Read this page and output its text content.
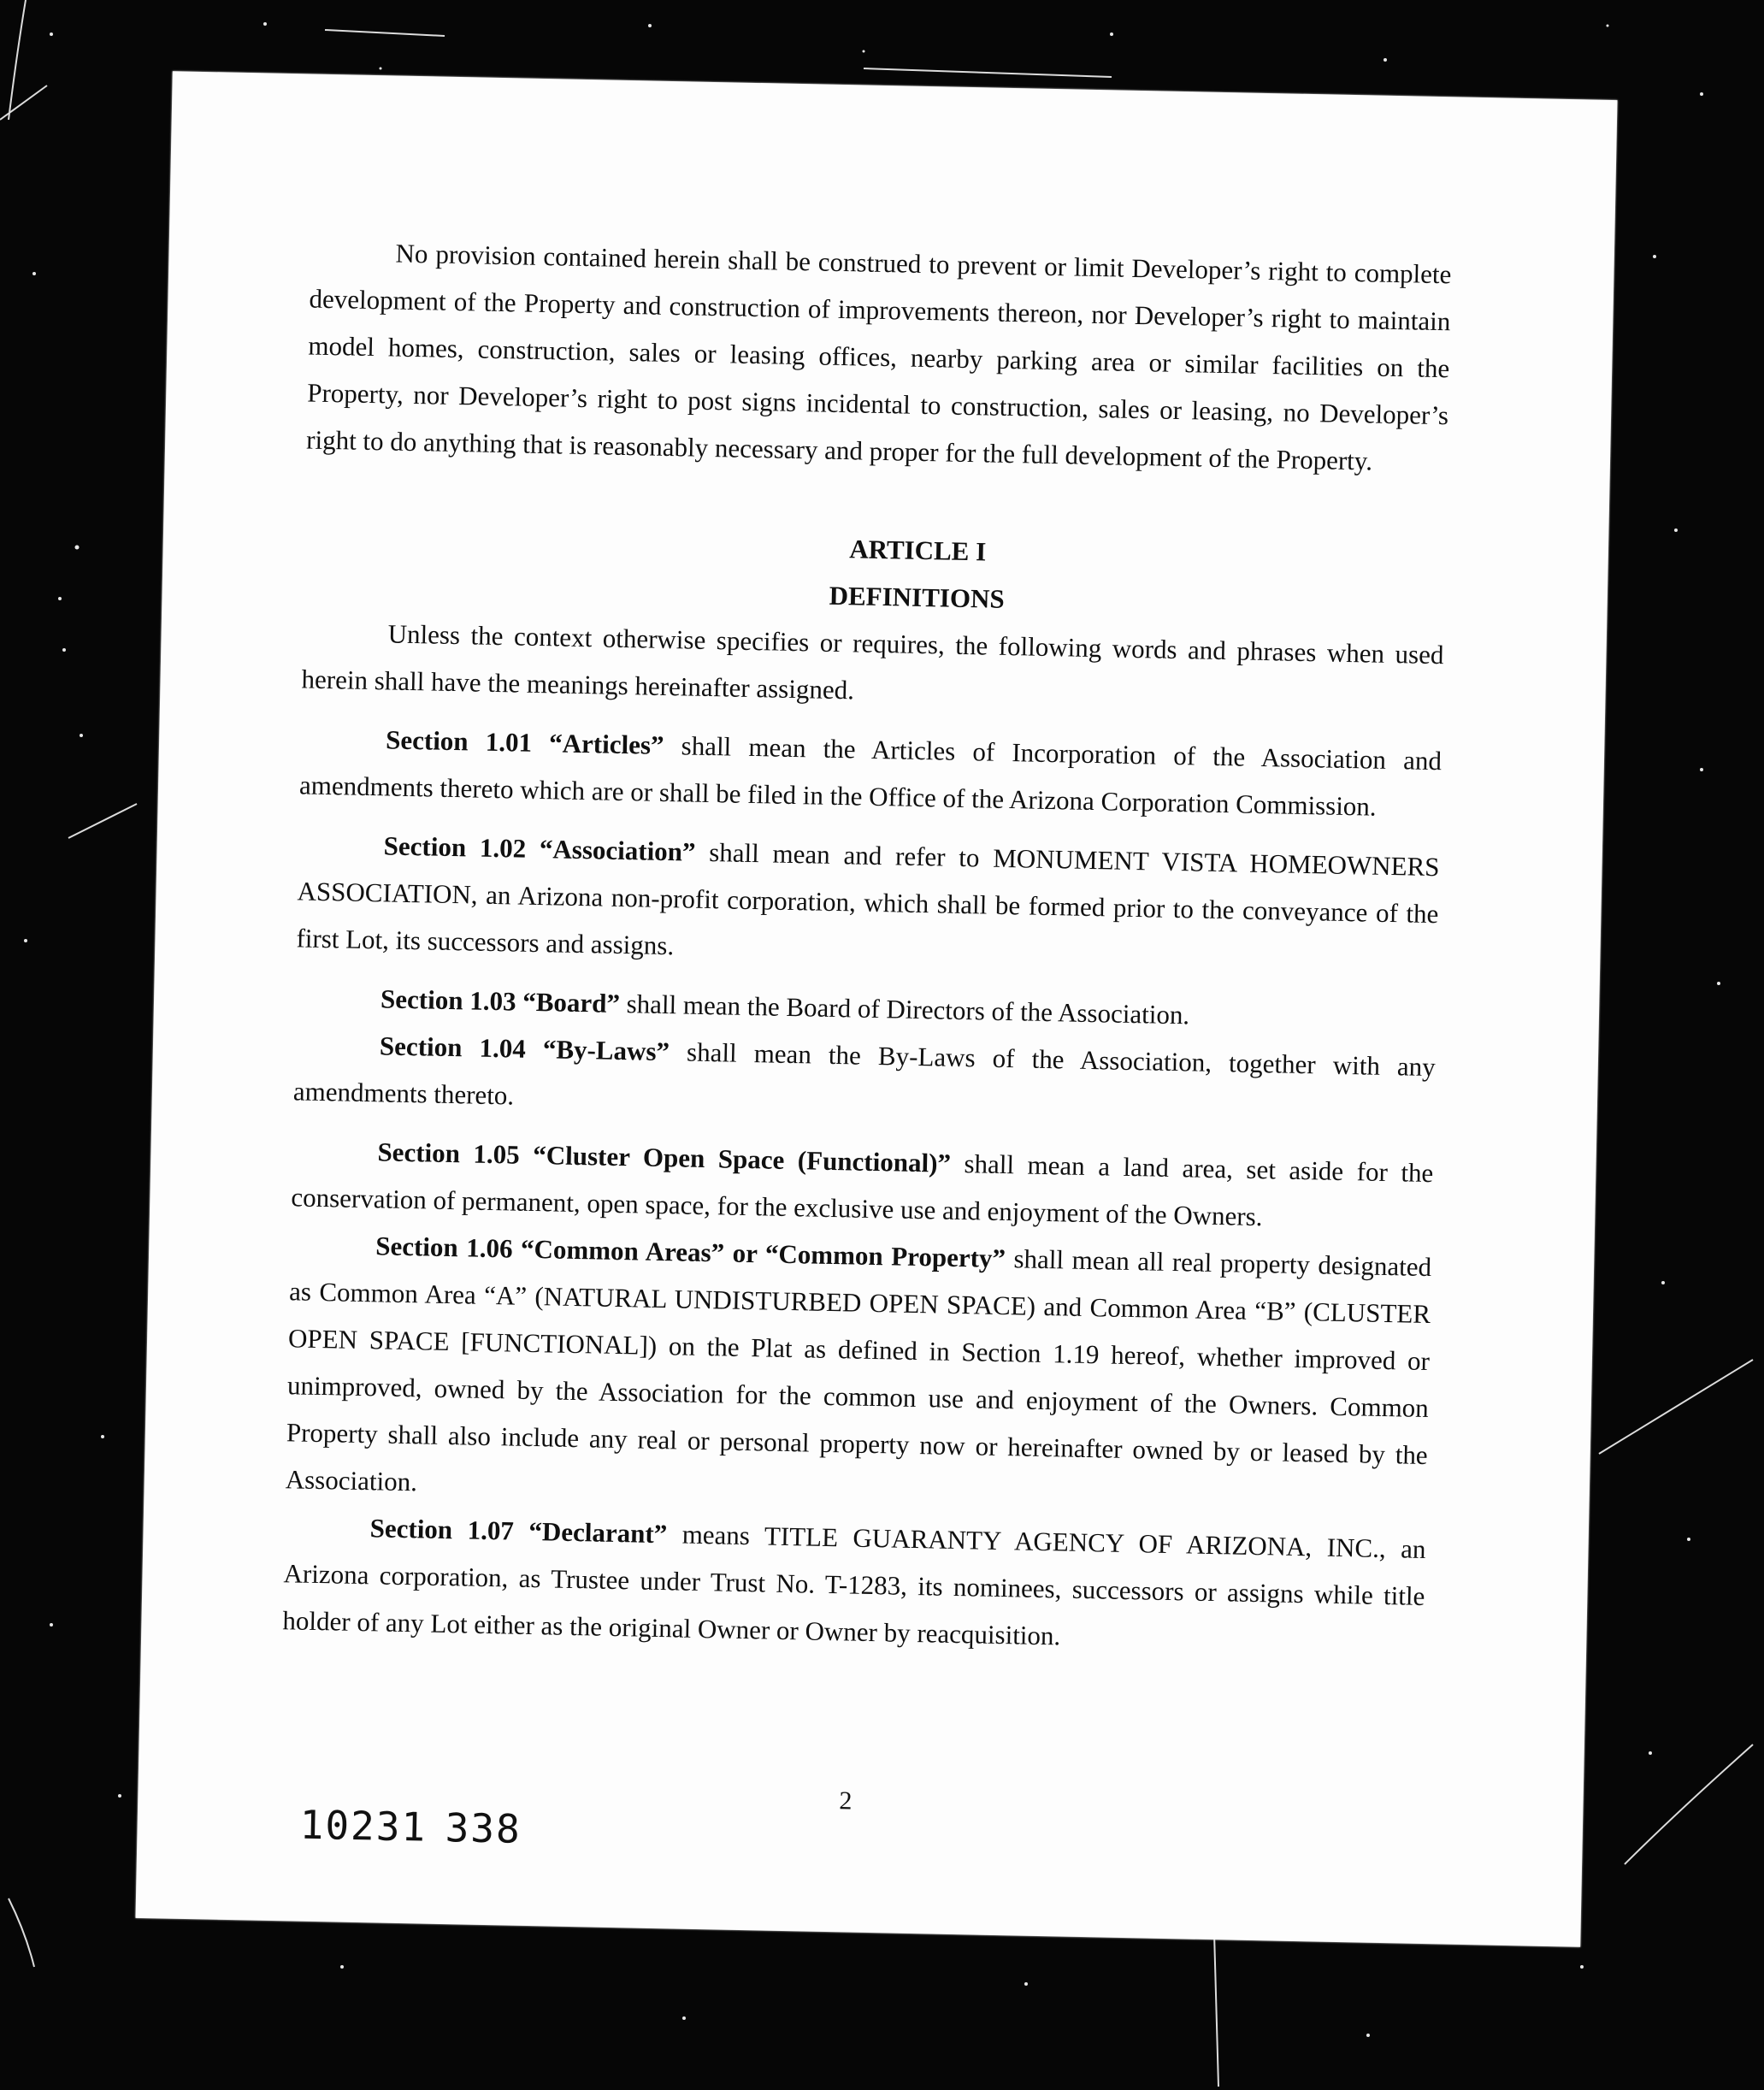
No provision contained herein shall be construed to prevent or limit Developer’s right to complete development of the Property and construction of improvements thereon, nor Developer’s right to maintain model homes, construction, sales or leasing offices, nearby parking area or similar facilities on the Property, nor Developer’s right to post signs incidental to construction, sales or leasing, no Developer’s right to do anything that is reasonably necessary and proper for the full development of the Property.

ARTICLE I

DEFINITIONS

Unless the context otherwise specifies or requires, the following words and phrases when used herein shall have the meanings hereinafter assigned.

Section 1.01 “Articles” shall mean the Articles of Incorporation of the Association and amendments thereto which are or shall be filed in the Office of the Arizona Corporation Commission.

Section 1.02 “Association” shall mean and refer to MONUMENT VISTA HOMEOWNERS ASSOCIATION, an Arizona non-profit corporation, which shall be formed prior to the conveyance of the first Lot, its successors and assigns.

Section 1.03 “Board” shall mean the Board of Directors of the Association.

Section 1.04 “By-Laws” shall mean the By-Laws of the Association, together with any amendments thereto.

Section 1.05 “Cluster Open Space (Functional)” shall mean a land area, set aside for the conservation of permanent, open space, for the exclusive use and enjoyment of the Owners.

Section 1.06 “Common Areas” or “Common Property” shall mean all real property designated as Common Area “A” (NATURAL UNDISTURBED OPEN SPACE) and Common Area “B” (CLUSTER OPEN SPACE [FUNCTIONAL]) on the Plat as defined in Section 1.19 hereof, whether improved or unimproved, owned by the Association for the common use and enjoyment of the Owners. Common Property shall also include any real or personal property now or hereinafter owned by or leased by the Association.

Section 1.07 “Declarant” means TITLE GUARANTY AGENCY OF ARIZONA, INC., an Arizona corporation, as Trustee under Trust No. T-1283, its nominees, successors or assigns while title holder of any Lot either as the original Owner or Owner by reacquisition.

2
10231 338
